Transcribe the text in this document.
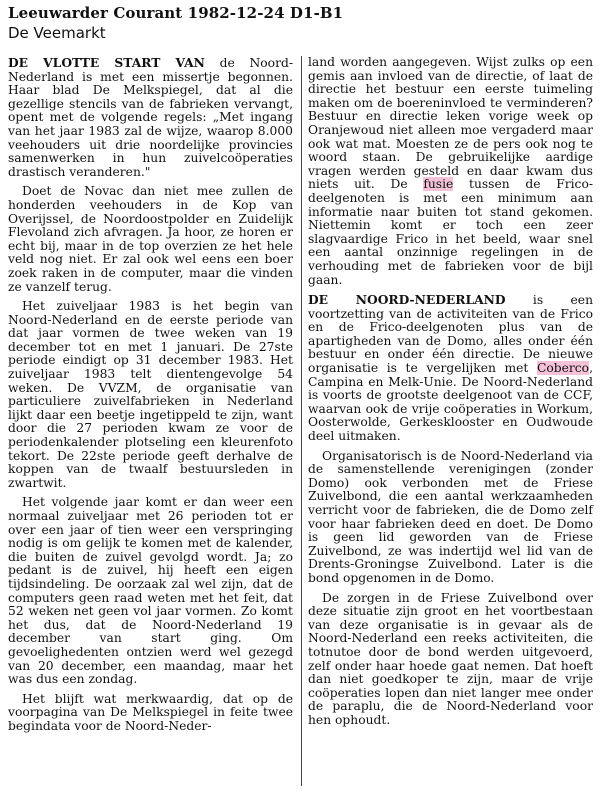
Leeuwarder Courant 1982-12-24 D1-B1
De Veemarkt

DE VLOTTE START VAN de Noord-Nederland is met een missertje begonnen. Haar blad De Melkspiegel, dat al die gezellige stencils van de fabrieken vervangt, opent met de volgende regels: „Met ingang van het jaar 1983 zal de wijze, waarop 8.000 veehouders uit drie noordelijke provincies samenwerken in hun zuivelcoöperaties drastisch veranderen."

Doet de Novac dan niet mee zullen de honderden veehouders in de Kop van Overijssel, de Noordoostpolder en Zuidelijk Flevoland zich afvragen. Ja hoor, ze horen er echt bij, maar in de top overzien ze het hele veld nog niet. Er zal ook wel eens een boer zoek raken in de computer, maar die vinden ze vanzelf terug.

Het zuiveljaar 1983 is het begin van Noord-Nederland en de eerste periode van dat jaar vormen de twee weken van 19 december tot en met 1 januari. De 27ste periode eindigt op 31 december 1983. Het zuiveljaar 1983 telt dientengevolge 54 weken. De VVZM, de organisatie van particuliere zuivelfabrieken in Nederland lijkt daar een beetje ingetippeld te zijn, want door die 27 perioden kwam ze voor de periodenkalender plotseling een kleurenfoto tekort. De 22ste periode geeft derhalve de koppen van de twaalf bestuursleden in zwartwit.

Het volgende jaar komt er dan weer een normaal zuiveljaar met 26 perioden tot er over een jaar of tien weer een verspringing nodig is om gelijk te komen met de kalender, die buiten de zuivel gevolgd wordt. Ja; zo pedant is de zuivel, hij heeft een eigen tijdsindeling. De oorzaak zal wel zijn, dat de computers geen raad weten met het feit, dat 52 weken net geen vol jaar vormen. Zo komt het dus, dat de Noord-Nederland 19 december van start ging. Om gevoelighedenten ontzien werd wel gezegd van 20 december, een maandag, maar het was dus een zondag.

Het blijft wat merkwaardig, dat op de voorpagina van De Melkspiegel in feite twee begindata voor de Noord-Neder-

land worden aangegeven. Wijst zulks op een gemis aan invloed van de directie, of laat de directie het bestuur een eerste tuimeling maken om de boereninvloed te verminderen? Bestuur en directie leken vorige week op Oranjewoud niet alleen moe vergaderd maar ook wat mat. Moesten ze de pers ook nog te woord staan. De gebruikelijke aardige vragen werden gesteld en daar kwam dus niets uit. De fusie tussen de Frico-deelgenoten is met een minimum aan informatie naar buiten tot stand gekomen. Niettemin komt er toch een zeer slagvaardige Frico in het beeld, waar snel een aantal onzinnige regelingen in de verhouding met de fabrieken voor de bijl gaan.

DE NOORD-NEDERLAND is een voortzetting van de activiteiten van de Frico en de Frico-deelgenoten plus van de apartigheden van de Domo, alles onder één bestuur en onder één directie. De nieuwe organisatie is te vergelijken met Coberco, Campina en Melk-Unie. De Noord-Nederland is voorts de grootste deelgenoot van de CCF, waarvan ook de vrije coöperaties in Workum, Oosterwolde, Gerkesklooster en Oudwoude deel uitmaken.

Organisatorisch is de Noord-Nederland via de samenstellende verenigingen (zonder Domo) ook verbonden met de Friese Zuivelbond, die een aantal werkzaamheden verricht voor de fabrieken, die de Domo zelf voor haar fabrieken deed en doet. De Domo is geen lid geworden van de Friese Zuivelbond, ze was indertijd wel lid van de Drents-Groningse Zuivelbond. Later is die bond opgenomen in de Domo.

De zorgen in de Friese Zuivelbond over deze situatie zijn groot en het voortbestaan van deze organisatie is in gevaar als de Noord-Nederland een reeks activiteiten, die totnutoe door de bond werden uitgevoerd, zelf onder haar hoede gaat nemen. Dat hoeft dan niet goedkoper te zijn, maar de vrije coöperaties lopen dan niet langer mee onder de paraplu, die de Noord-Nederland voor hen ophoudt.
